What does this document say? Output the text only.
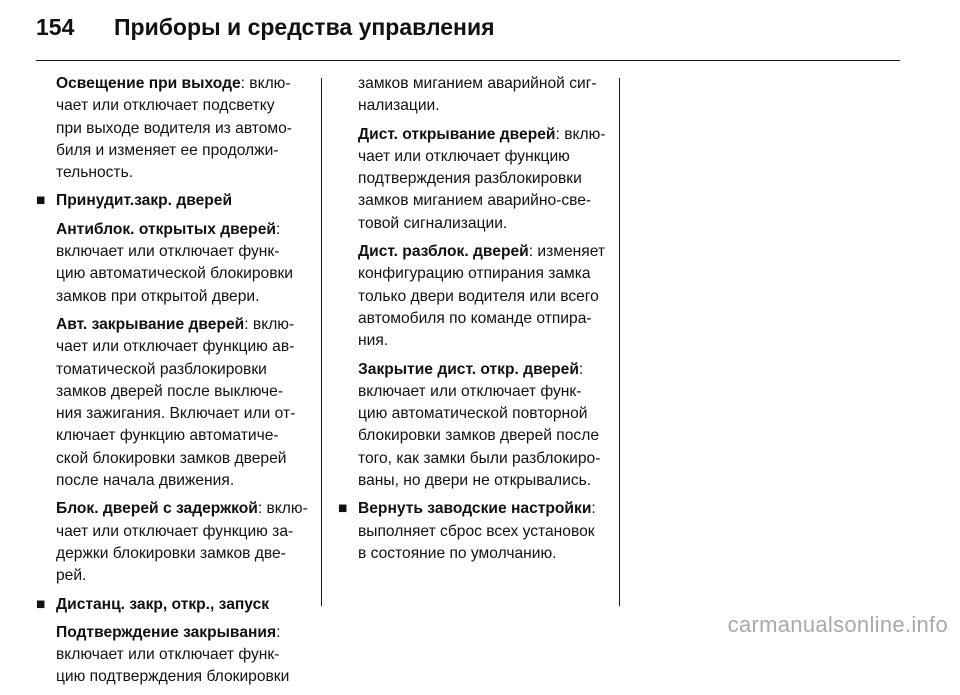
154	Приборы и средства управления
Освещение при выходе: вклю-
чает или отключает подсветку
при выходе водителя из автомо-
биля и изменяет ее продолжи-
тельность.
■ Принудит.закр. дверей
Антиблок. открытых дверей:
включает или отключает функ-
цию автоматической блокировки
замков при открытой двери.
Авт. закрывание дверей: вклю-
чает или отключает функцию ав-
томатической разблокировки
замков дверей после выключе-
ния зажигания. Включает или от-
ключает функцию автоматиче-
ской блокировки замков дверей
после начала движения.
Блок. дверей с задержкой: вклю-
чает или отключает функцию за-
держки блокировки замков две-
рей.
■ Дистанц. закр, откр., запуск
Подтверждение закрывания:
включает или отключает функ-
цию подтверждения блокировки
замков миганием аварийной сиг-
нализации.
Дист. открывание дверей: вклю-
чает или отключает функцию
подтверждения разблокировки
замков миганием аварийно-све-
товой сигнализации.
Дист. разблок. дверей: изменяет
конфигурацию отпирания замка
только двери водителя или всего
автомобиля по команде отпира-
ния.
Закрытие дист. откр. дверей:
включает или отключает функ-
цию автоматической повторной
блокировки замков дверей после
того, как замки были разблокиро-
ваны, но двери не открывались.
■ Вернуть заводские настройки:
выполняет сброс всех установок
в состояние по умолчанию.
carmanualsonline.info
